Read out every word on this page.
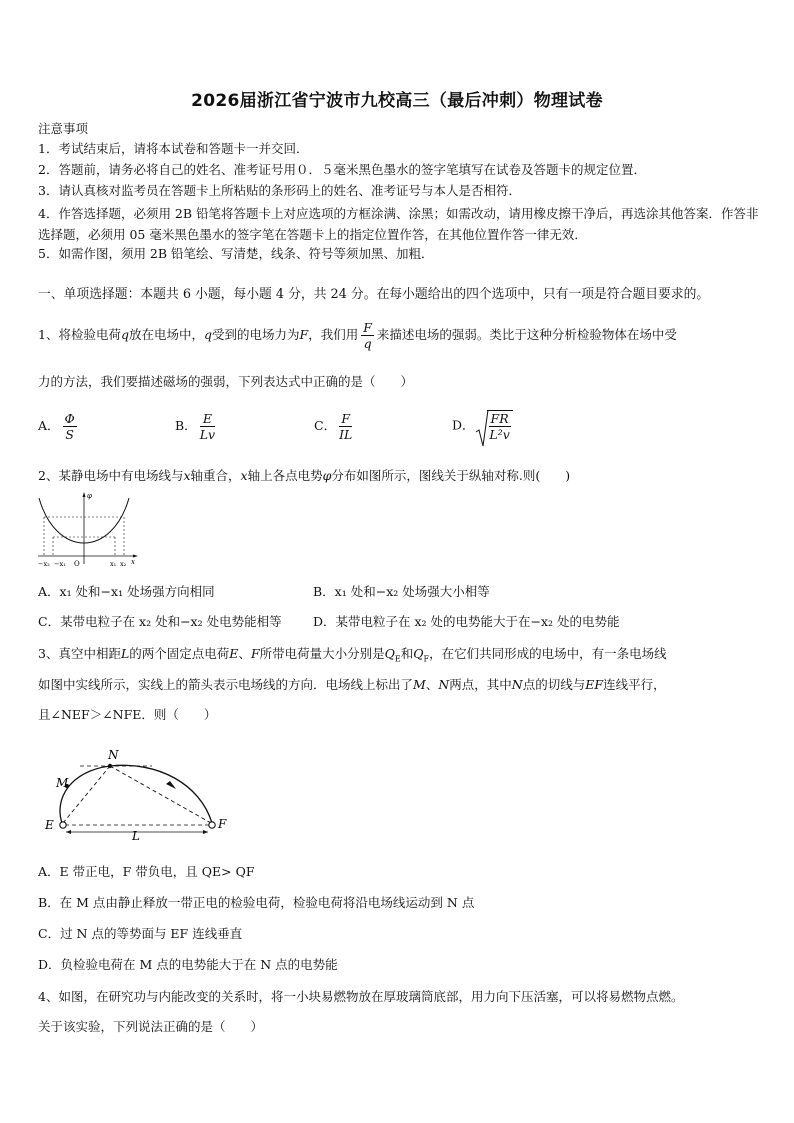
2026届浙江省宁波市九校高三（最后冲刺）物理试卷
注意事项
1．考试结束后，请将本试卷和答题卡一并交回．
2．答题前，请务必将自己的姓名、准考证号用０．５毫米黑色墨水的签字笔填写在试卷及答题卡的规定位置．
3．请认真核对监考员在答题卡上所粘贴的条形码上的姓名、准考证号与本人是否相符．
4．作答选择题，必须用 2B 铅笔将答题卡上对应选项的方框涂满、涂黑；如需改动，请用橡皮擦干净后，再选涂其他答案．作答非选择题，必须用 05 毫米黑色墨水的签字笔在答题卡上的指定位置作答，在其他位置作答一律无效．
5．如需作图，须用 2B 铅笔绘、写清楚，线条、符号等须加黑、加粗．
一、单项选择题：本题共 6 小题，每小题 4 分，共 24 分。在每小题给出的四个选项中，只有一项是符合题目要求的。
1、将检验电荷q放在电场中，q受到的电场力为F，我们用 $\frac{F}{q}$ 来描述电场的强弱。类比于这种分析检验物体在场中受
力的方法，我们要描述磁场的强弱，下列表达式中正确的是（　　）
A． $\frac{\Phi}{S}$	B． $\frac{E}{Lv}$	C． $\frac{F}{IL}$	D． $\frac{FR}{\text{L²v}}$
2、某静电场中有电场线与x轴重合，x轴上各点电势φ分布如图所示，图线关于纵轴对称.则(　　)
φ
−x₂ −x₁ O	x₁ x₂ x
A．x₁ 处和−x₁ 处场强方向相同	B．x₁ 处和−x₂ 处场强大小相等
C．某带电粒子在 x₂ 处和−x₂ 处电势能相等	D．某带电粒子在 x₂ 处的电势能大于在−x₂ 处的电势能
3、真空中相距L的两个固定点电荷E、F所带电荷量大小分别是$Q_E$和$Q_F$，在它们共同形成的电场中，有一条电场线
如图中实线所示，实线上的箭头表示电场线的方向．电场线上标出了M、N两点，其中N点的切线与EF连线平行，
且∠NEF＞∠NFE．则（　　）
N
M
E	F
L
A．E 带正电，F 带负电，且 QE> QF
B．在 M 点由静止释放一带正电的检验电荷，检验电荷将沿电场线运动到 N 点
C．过 N 点的等势面与 EF 连线垂直
D．负检验电荷在 M 点的电势能大于在 N 点的电势能
4、如图，在研究功与内能改变的关系时，将一小块易燃物放在厚玻璃筒底部，用力向下压活塞，可以将易燃物点燃。
关于该实验，下列说法正确的是（　　）
